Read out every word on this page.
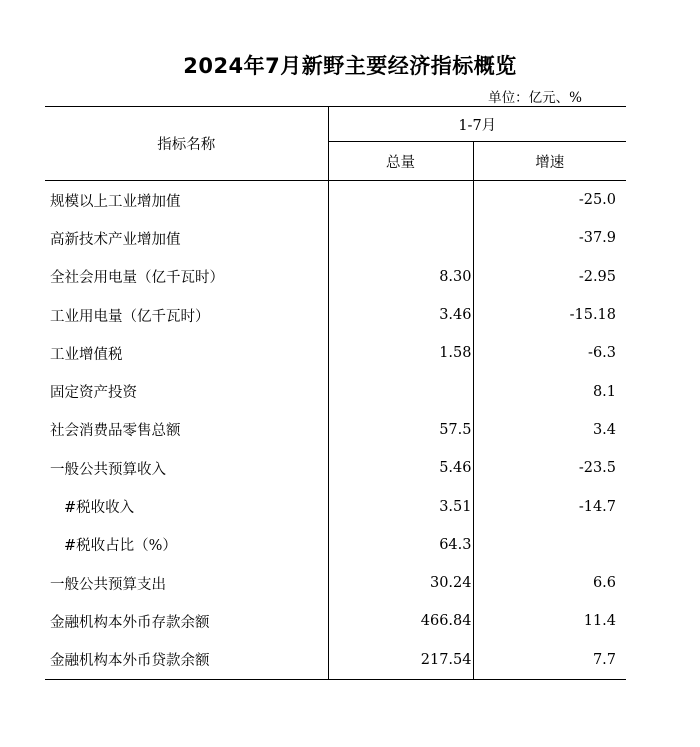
2024年7月新野主要经济指标概览
单位：亿元、%
指标名称	1-7月	
	总量	增速
规模以上工业增加值		-25.0
高新技术产业增加值		-37.9
全社会用电量（亿千瓦时）	8.30	-2.95
工业用电量（亿千瓦时）	3.46	-15.18
工业增值税	1.58	-6.3
固定资产投资		8.1
社会消费品零售总额	57.5	3.4
一般公共预算收入	5.46	-23.5
#税收收入	3.51	-14.7
#税收占比（%）	64.3	
一般公共预算支出	30.24	6.6
金融机构本外币存款余额	466.84	11.4
金融机构本外币贷款余额	217.54	7.7
